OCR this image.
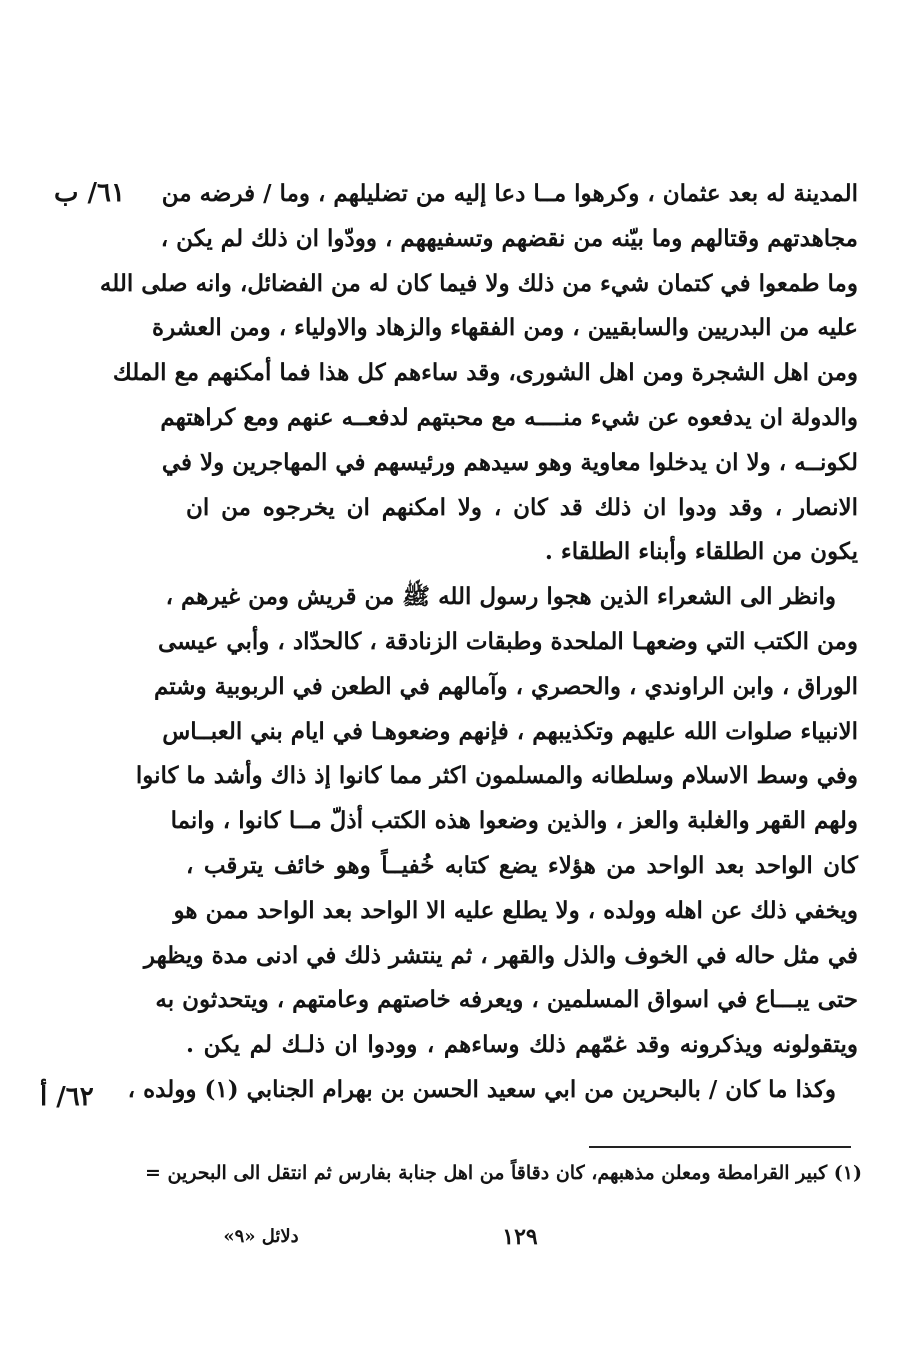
٦١/ ب
٦٢/ أ
المدينة له بعد عثمان ، وكرهوا مــا دعا إليه من تضليلهم ، وما / فرضه من
مجاهدتهم وقتالهم وما بيّنه من نقضهم وتسفيههم ، وودّوا ان ذلك لم يكن ،
وما طمعوا في كتمان شيء من ذلك ولا فيما كان له من الفضائل، وانه صلى الله
عليه من البدريين والسابقيين ، ومن الفقهاء والزهاد والاولياء ، ومن العشرة
ومن اهل الشجرة ومن اهل الشورى، وقد ساءهم كل هذا فما أمكنهم مع الملك
والدولة ان يدفعوه عن شيء منــــه مع محبتهم لدفعــه عنهم ومع كراهتهم
لكونــه ، ولا ان يدخلوا معاوية وهو سيدهم ورئيسهم في المهاجرين ولا في
الانصار ، وقد ودوا ان ذلك قد كان ، ولا امكنهم ان يخرجوه من ان
يكون من الطلقاء وأبناء الطلقاء .
وانظر الى الشعراء الذين هجوا رسول الله ﷺ من قريش ومن غيرهم ،
ومن الكتب التي وضعهـا الملحدة وطبقات الزنادقة ، كالحدّاد ، وأبي عيسى
الوراق ، وابن الراوندي ، والحصري ، وآمالهم في الطعن في الربوبية وشتم
الانبياء صلوات الله عليهم وتكذيبهم ، فإنهم وضعوهـا في ايام بني العبــاس
وفي وسط الاسلام وسلطانه والمسلمون اكثر مما كانوا إذ ذاك وأشد ما كانوا
ولهم القهر والغلبة والعز ، والذين وضعوا هذه الكتب أذلّ مــا كانوا ، وانما
كان الواحد بعد الواحد من هؤلاء يضع كتابه خُفيــاً وهو خائف يترقب ،
ويخفي ذلك عن اهله وولده ، ولا يطلع عليه الا الواحد بعد الواحد ممن هو
في مثل حاله في الخوف والذل والقهر ، ثم ينتشر ذلك في ادنى مدة ويظهر
حتى يبـــاع في اسواق المسلمين ، ويعرفه خاصتهم وعامتهم ، ويتحدثون به
ويتقولونه ويذكرونه وقد غمّهم ذلك وساءهم ، وودوا ان ذلـك لم يكن .
وكذا ما كان / بالبحرين من ابي سعيد الحسن بن بهرام الجنابي (١) وولده ،
(١) كبير القرامطة ومعلن مذهبهم، كان دقاقاً من اهل جنابة بفارس ثم انتقل الى البحرين =
١٢٩
دلائل «٩»
